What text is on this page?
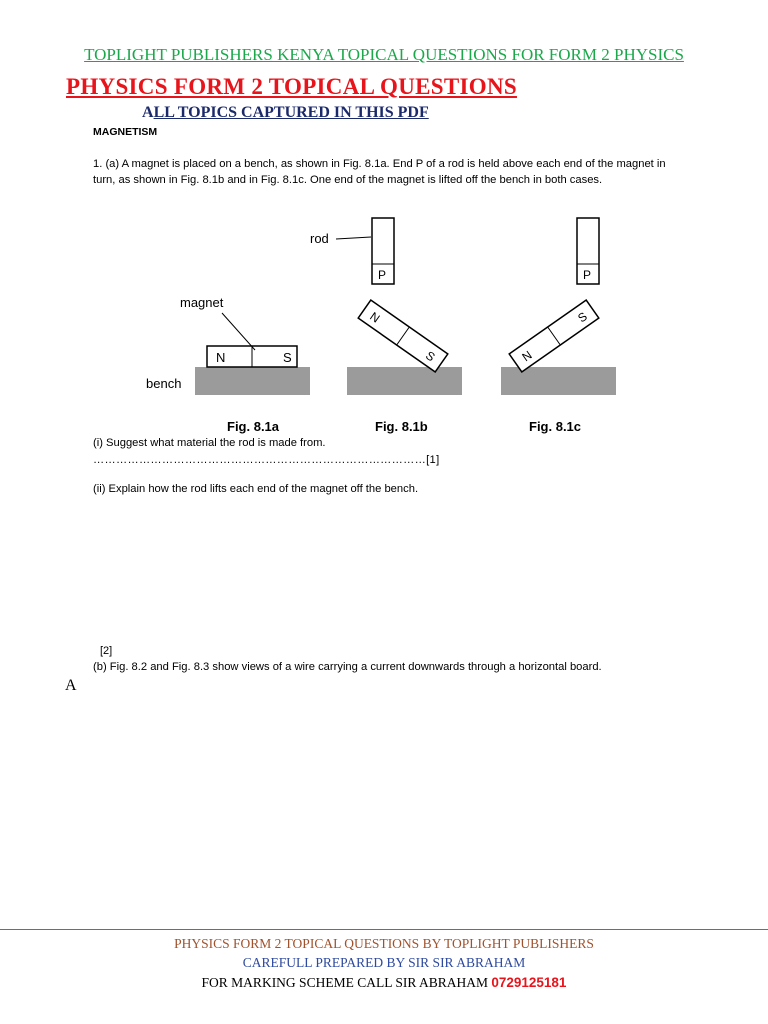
TOPLIGHT PUBLISHERS KENYA TOPICAL QUESTIONS FOR FORM 2 PHYSICS
PHYSICS FORM 2 TOPICAL QUESTIONS
ALL TOPICS CAPTURED IN THIS PDF
MAGNETISM
1. (a) A magnet is placed on a bench, as shown in Fig. 8.1a. End P of a rod is held above each end of the magnet in turn, as shown in Fig. 8.1b and in Fig. 8.1c. One end of the magnet is lifted off the bench in both cases.
N	S
magnet
bench
Fig. 8.1a
P
rod
N
S
Fig. 8.1b
P
N
S
Fig. 8.1c
(i) Suggest what material the rod is made from.
……………………………………………………………………………[1]
(ii) Explain how the rod lifts each end of the magnet off the bench.
[2]
(b) Fig. 8.2 and Fig. 8.3 show views of a wire carrying a current downwards through a horizontal board.
A
PHYSICS FORM 2 TOPICAL QUESTIONS BY TOPLIGHT PUBLISHERS
CAREFULL PREPARED BY SIR SIR ABRAHAM
FOR MARKING SCHEME CALL SIR ABRAHAM 0729125181
